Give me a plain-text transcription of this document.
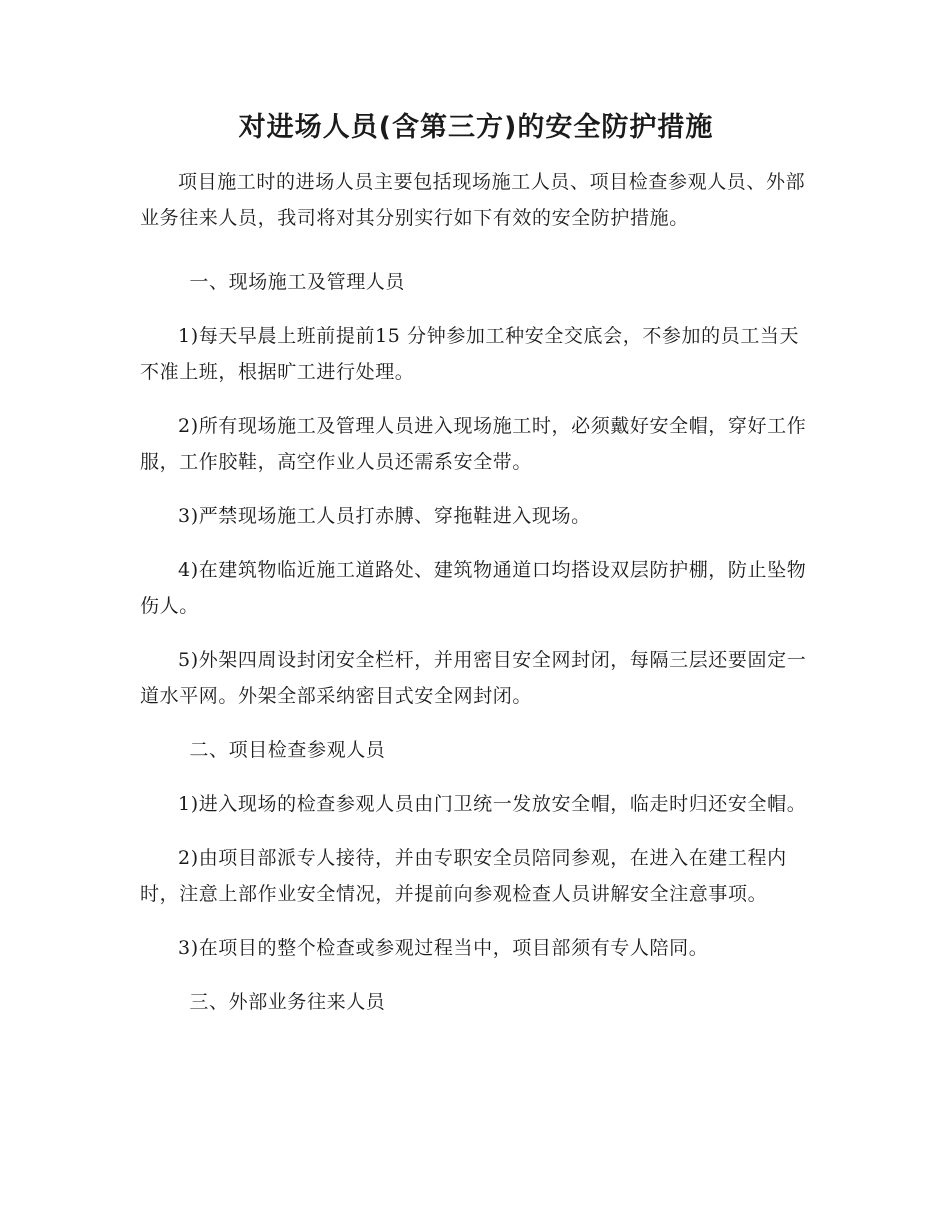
对进场人员(含第三方)的安全防护措施

项目施工时的进场人员主要包括现场施工人员、项目检查参观人员、外部业务往来人员，我司将对其分别实行如下有效的安全防护措施。

一、现场施工及管理人员

1)每天早晨上班前提前15 分钟参加工种安全交底会，不参加的员工当天不准上班，根据旷工进行处理。

2)所有现场施工及管理人员进入现场施工时，必须戴好安全帽，穿好工作服，工作胶鞋，高空作业人员还需系安全带。

3)严禁现场施工人员打赤膊、穿拖鞋进入现场。

4)在建筑物临近施工道路处、建筑物通道口均搭设双层防护棚，防止坠物伤人。

5)外架四周设封闭安全栏杆，并用密目安全网封闭，每隔三层还要固定一道水平网。外架全部采纳密目式安全网封闭。

二、项目检查参观人员

1)进入现场的检查参观人员由门卫统一发放安全帽，临走时归还安全帽。

2)由项目部派专人接待，并由专职安全员陪同参观，在进入在建工程内时，注意上部作业安全情况，并提前向参观检查人员讲解安全注意事项。

3)在项目的整个检查或参观过程当中，项目部须有专人陪同。

三、外部业务往来人员
